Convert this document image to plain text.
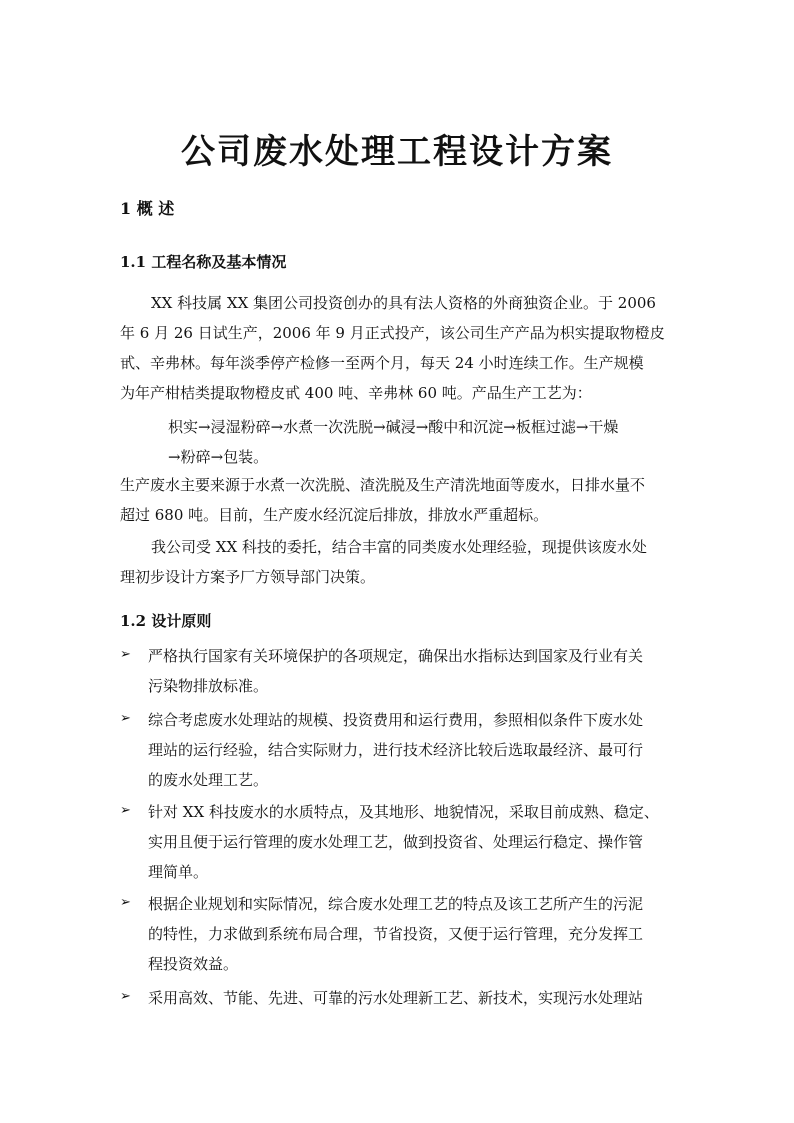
公司废水处理工程设计方案
1 概 述
1.1 工程名称及基本情况
XX 科技属 XX 集团公司投资创办的具有法人资格的外商独资企业。于 2006
年 6 月 26 日试生产，2006 年 9 月正式投产，该公司生产产品为枳实提取物橙皮
甙、辛弗林。每年淡季停产检修一至两个月，每天 24 小时连续工作。生产规模
为年产柑桔类提取物橙皮甙 400 吨、辛弗林 60 吨。产品生产工艺为：
枳实→浸湿粉碎→水煮一次洗脱→碱浸→酸中和沉淀→板框过滤→干燥
→粉碎→包装。
生产废水主要来源于水煮一次洗脱、渣洗脱及生产清洗地面等废水，日排水量不
超过 680 吨。目前，生产废水经沉淀后排放，排放水严重超标。
我公司受 XX 科技的委托，结合丰富的同类废水处理经验，现提供该废水处
理初步设计方案予厂方领导部门决策。
1.2 设计原则
➢ 严格执行国家有关环境保护的各项规定，确保出水指标达到国家及行业有关
污染物排放标准。
➢ 综合考虑废水处理站的规模、投资费用和运行费用，参照相似条件下废水处
理站的运行经验，结合实际财力，进行技术经济比较后选取最经济、最可行
的废水处理工艺。
➢ 针对 XX 科技废水的水质特点，及其地形、地貌情况，采取目前成熟、稳定、
实用且便于运行管理的废水处理工艺，做到投资省、处理运行稳定、操作管
理简单。
➢ 根据企业规划和实际情况，综合废水处理工艺的特点及该工艺所产生的污泥
的特性，力求做到系统布局合理，节省投资，又便于运行管理，充分发挥工
程投资效益。
➢ 采用高效、节能、先进、可靠的污水处理新工艺、新技术，实现污水处理站
